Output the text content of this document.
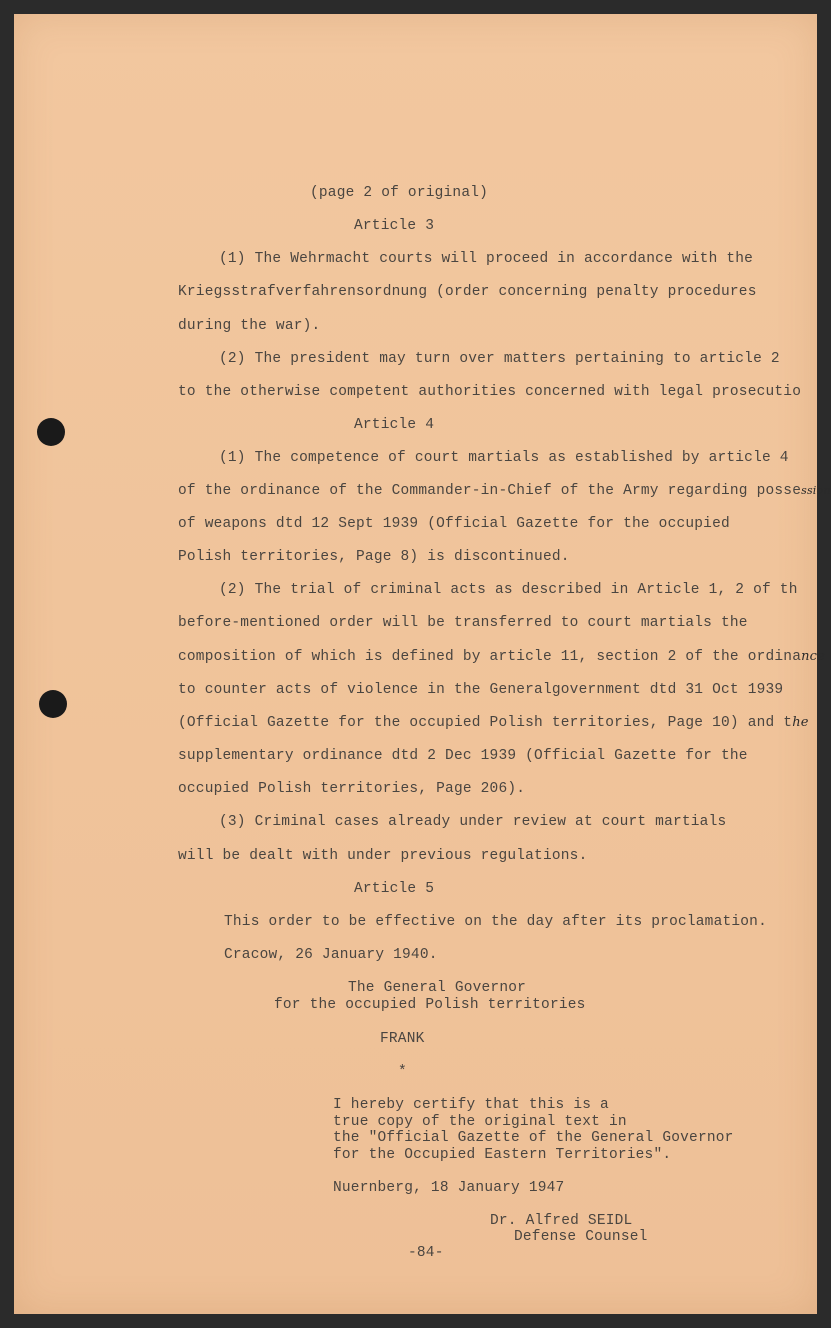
(page 2 of original)
Article 3
(1) The Wehrmacht courts will proceed in accordance with the
Kriegsstrafverfahrensordnung (order concerning penalty procedures
during the war).
(2) The president may turn over matters pertaining to article 2
to the otherwise competent authorities concerned with legal prosecutio
Article 4
(1) The competence of court martials as established by article 4
of the ordinance of the Commander-in-Chief of the Army regarding possession
of weapons dtd 12 Sept 1939 (Official Gazette for the occupied
Polish territories, Page 8) is discontinued.
(2) The trial of criminal acts as described in Article 1, 2 of th
before-mentioned order will be transferred to court martials the
composition of which is defined by article 11, section 2 of the ordinance
to counter acts of violence in the Generalgovernment dtd 31 Oct 1939
(Official Gazette for the occupied Polish territories, Page 10) and the
supplementary ordinance dtd 2 Dec 1939 (Official Gazette for the
occupied Polish territories, Page 206).
(3) Criminal cases already under review at court martials
will be dealt with under previous regulations.
Article 5
This order to be effective on the day after its proclamation.
Cracow, 26 January 1940.
The General Governor
for the occupied Polish territories
FRANK
*
I hereby certify that this is a
true copy of the original text in
the "Official Gazette of the General Governor
for the Occupied Eastern Territories".
Nuernberg, 18 January 1947
Dr. Alfred SEIDL
Defense Counsel
-84-
